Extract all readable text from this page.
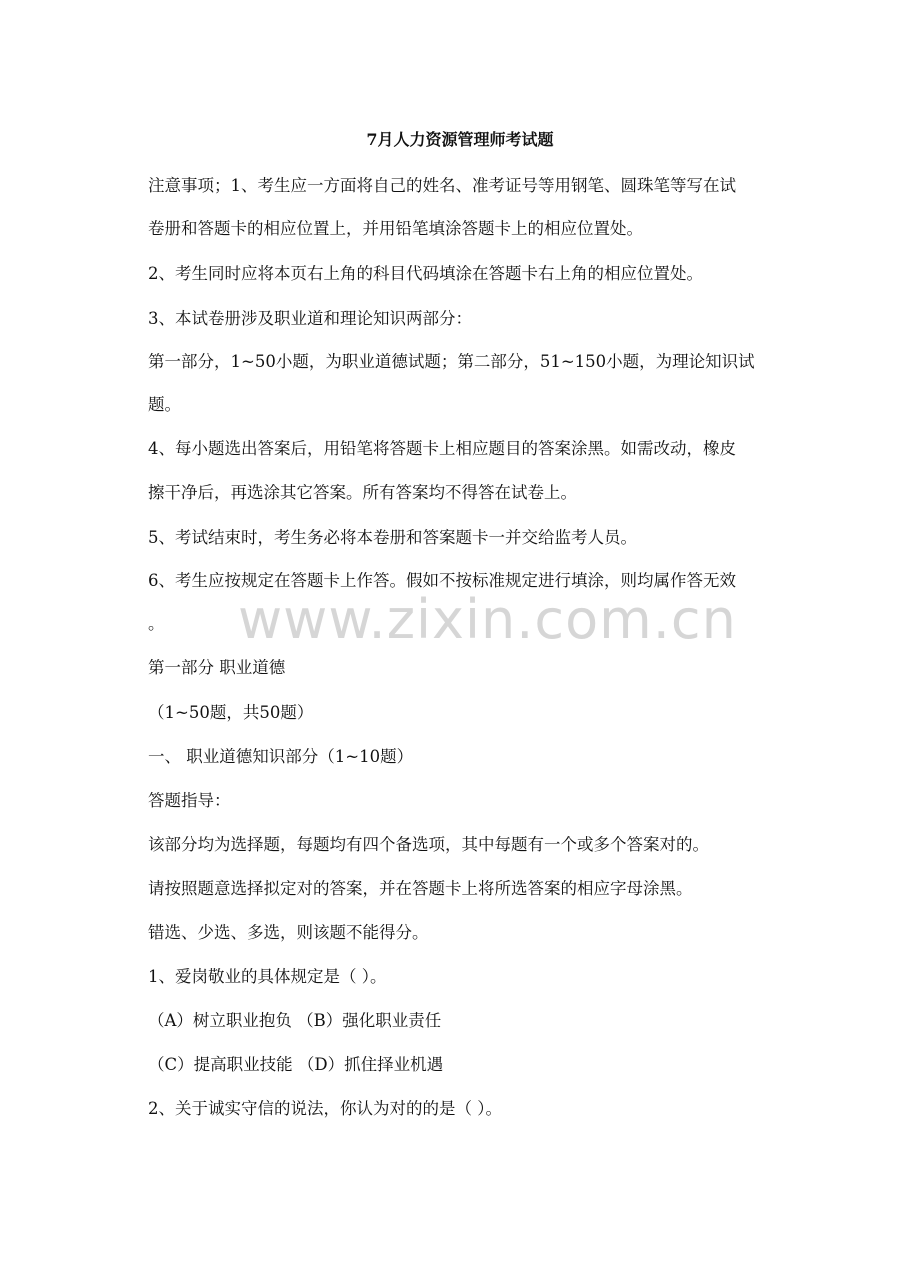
7月人力资源管理师考试题
注意事项；1、考生应一方面将自己的姓名、准考证号等用钢笔、圆珠笔等写在试
卷册和答题卡的相应位置上，并用铅笔填涂答题卡上的相应位置处。
2、考生同时应将本页右上角的科目代码填涂在答题卡右上角的相应位置处。
3、本试卷册涉及职业道和理论知识两部分：
第一部分，1~50小题，为职业道德试题；第二部分，51~150小题，为理论知识试
题。
4、每小题选出答案后，用铅笔将答题卡上相应题目的答案涂黑。如需改动，橡皮
擦干净后，再选涂其它答案。所有答案均不得答在试卷上。
5、考试结束时，考生务必将本卷册和答案题卡一并交给监考人员。
6、考生应按规定在答题卡上作答。假如不按标准规定进行填涂，则均属作答无效
。
第一部分 职业道德
（1~50题，共50题）
一、 职业道德知识部分（1~10题）
答题指导：
该部分均为选择题，每题均有四个备选项，其中每题有一个或多个答案对的。
请按照题意选择拟定对的答案，并在答题卡上将所选答案的相应字母涂黑。
错选、少选、多选，则该题不能得分。
1、爱岗敬业的具体规定是（ ）。
（A）树立职业抱负 （B）强化职业责任
（C）提高职业技能 （D）抓住择业机遇
2、关于诚实守信的说法，你认为对的的是（ ）。
www.zixin.com.cn
